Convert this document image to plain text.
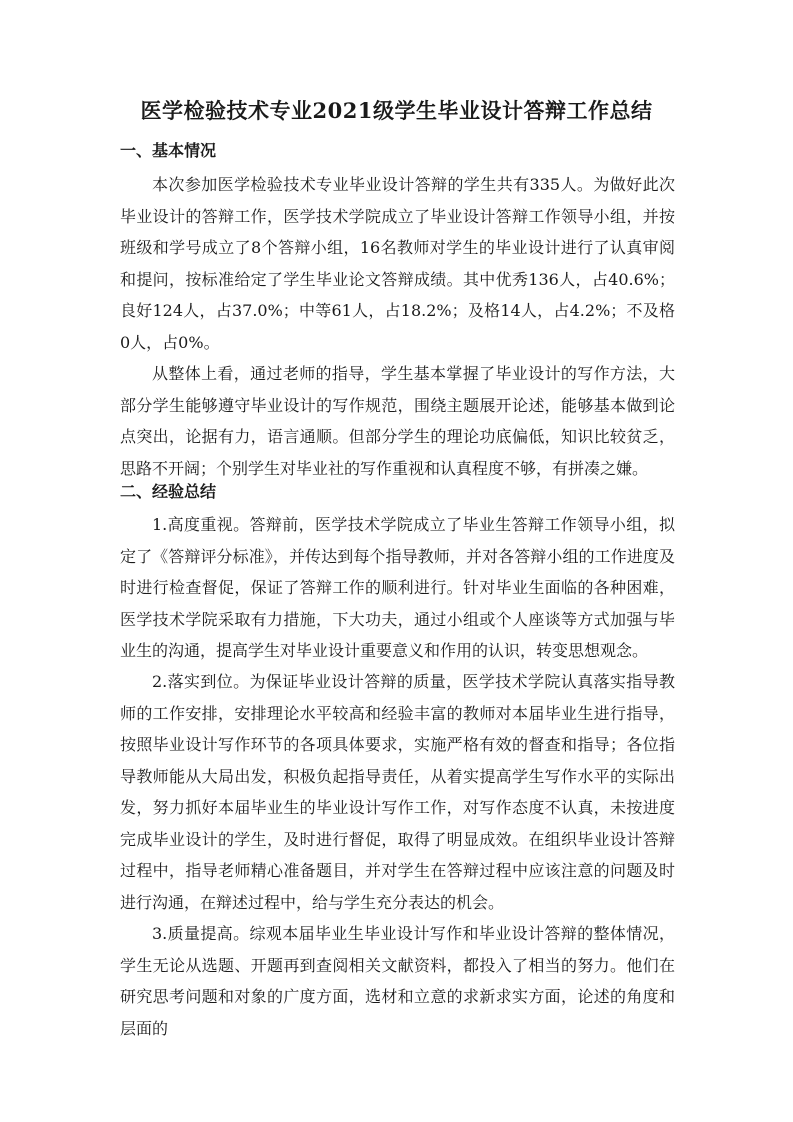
医学检验技术专业2021级学生毕业设计答辩工作总结
一、基本情况

本次参加医学检验技术专业毕业设计答辩的学生共有335人。为做好此次毕业设计的答辩工作，医学技术学院成立了毕业设计答辩工作领导小组，并按班级和学号成立了8个答辩小组，16名教师对学生的毕业设计进行了认真审阅和提问，按标准给定了学生毕业论文答辩成绩。其中优秀136人，占40.6%；良好124人，占37.0%；中等61人，占18.2%；及格14人，占4.2%；不及格0人，占0%。

从整体上看，通过老师的指导，学生基本掌握了毕业设计的写作方法，大部分学生能够遵守毕业设计的写作规范，围绕主题展开论述，能够基本做到论点突出，论据有力，语言通顺。但部分学生的理论功底偏低，知识比较贫乏，思路不开阔；个别学生对毕业社的写作重视和认真程度不够，有拼凑之嫌。

二、经验总结

1.高度重视。答辩前，医学技术学院成立了毕业生答辩工作领导小组，拟定了《答辩评分标准》，并传达到每个指导教师，并对各答辩小组的工作进度及时进行检查督促，保证了答辩工作的顺利进行。针对毕业生面临的各种困难，医学技术学院采取有力措施，下大功夫，通过小组或个人座谈等方式加强与毕业生的沟通，提高学生对毕业设计重要意义和作用的认识，转变思想观念。

2.落实到位。为保证毕业设计答辩的质量，医学技术学院认真落实指导教师的工作安排，安排理论水平较高和经验丰富的教师对本届毕业生进行指导，按照毕业设计写作环节的各项具体要求，实施严格有效的督查和指导；各位指导教师能从大局出发，积极负起指导责任，从着实提高学生写作水平的实际出发，努力抓好本届毕业生的毕业设计写作工作，对写作态度不认真，未按进度完成毕业设计的学生，及时进行督促，取得了明显成效。在组织毕业设计答辩过程中，指导老师精心准备题目，并对学生在答辩过程中应该注意的问题及时进行沟通，在辩述过程中，给与学生充分表达的机会。

3.质量提高。综观本届毕业生毕业设计写作和毕业设计答辩的整体情况，学生无论从选题、开题再到查阅相关文献资料，都投入了相当的努力。他们在研究思考问题和对象的广度方面，选材和立意的求新求实方面，论述的角度和层面的
